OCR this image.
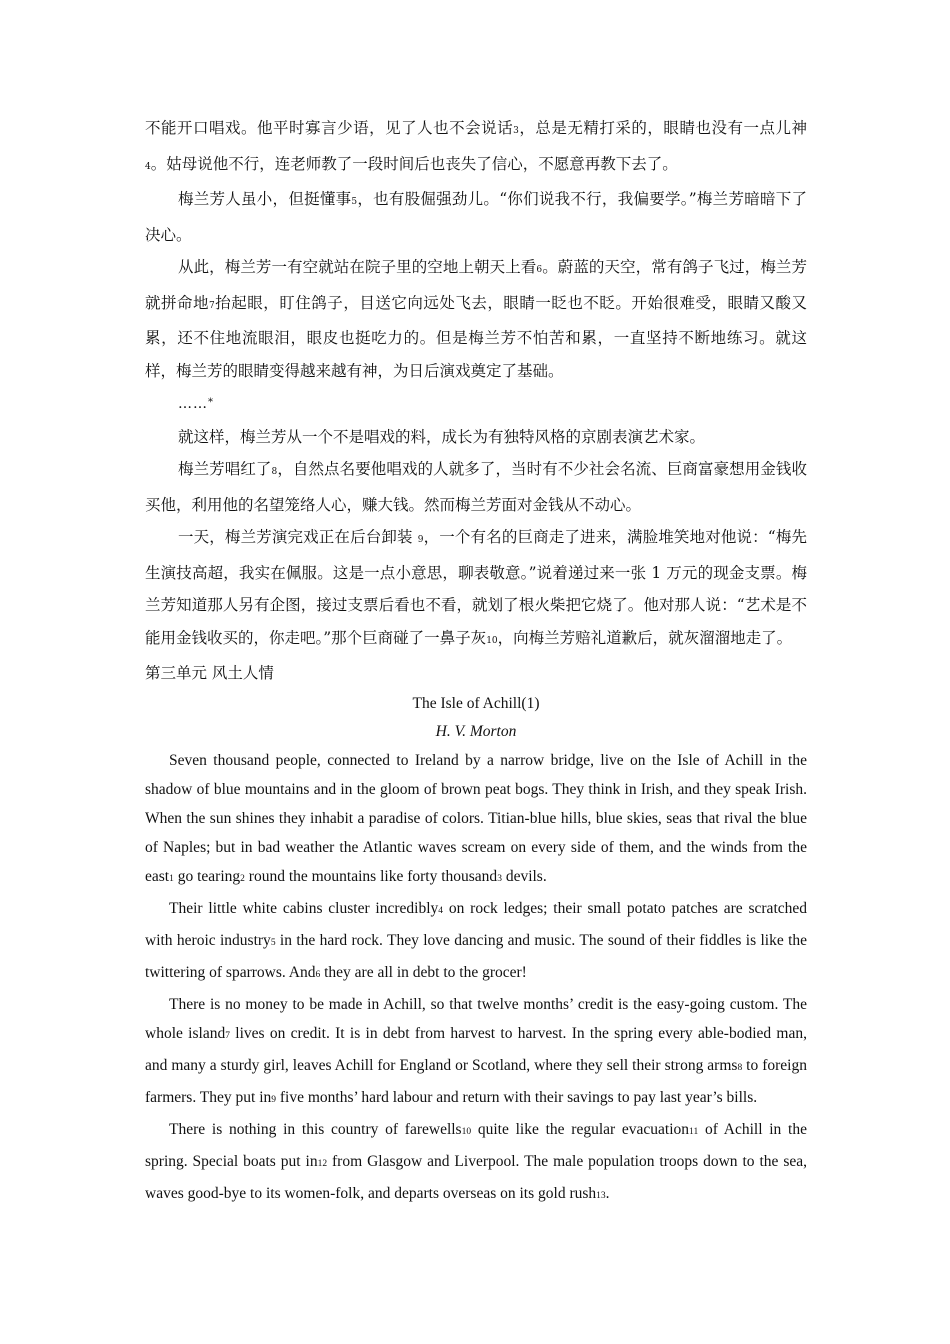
不能开口唱戏。他平时寡言少语，见了人也不会说话3，总是无精打采的，眼睛也没有一点儿神4。姑母说他不行，连老师教了一段时间后也丧失了信心，不愿意再教下去了。

梅兰芳人虽小，但挺懂事5，也有股倔强劲儿。“你们说我不行，我偏要学。”梅兰芳暗暗下了决心。

从此，梅兰芳一有空就站在院子里的空地上朝天上看6。蔚蓝的天空，常有鸽子飞过，梅兰芳就拼命地7抬起眼，盯住鸽子，目送它向远处飞去，眼睛一眨也不眨。开始很难受，眼睛又酸又累，还不住地流眼泪，眼皮也挺吃力的。但是梅兰芳不怕苦和累，一直坚持不断地练习。就这样，梅兰芳的眼睛变得越来越有神，为日后演戏奠定了基础。

……*

就这样，梅兰芳从一个不是唱戏的料，成长为有独特风格的京剧表演艺术家。

梅兰芳唱红了8，自然点名要他唱戏的人就多了，当时有不少社会名流、巨商富豪想用金钱收买他，利用他的名望笼络人心，赚大钱。然而梅兰芳面对金钱从不动心。

一天，梅兰芳演完戏正在后台卸装 9，一个有名的巨商走了进来，满脸堆笑地对他说：“梅先生演技高超，我实在佩服。这是一点小意思，聊表敬意。”说着递过来一张 1 万元的现金支票。梅兰芳知道那人另有企图，接过支票后看也不看，就划了根火柴把它烧了。他对那人说：“艺术是不能用金钱收买的，你走吧。”那个巨商碰了一鼻子灰10，向梅兰芳赔礼道歉后，就灰溜溜地走了。

第三单元 风土人情

The Isle of Achill(1)

H. V. Morton

Seven thousand people, connected to Ireland by a narrow bridge, live on the Isle of Achill in the shadow of blue mountains and in the gloom of brown peat bogs. They think in Irish, and they speak Irish. When the sun shines they inhabit a paradise of colors. Titian-blue hills, blue skies, seas that rival the blue of Naples; but in bad weather the Atlantic waves scream on every side of them, and the winds from the east1 go tearing2 round the mountains like forty thousand3 devils.

Their little white cabins cluster incredibly4 on rock ledges; their small potato patches are scratched with heroic industry5 in the hard rock. They love dancing and music. The sound of their fiddles is like the twittering of sparrows. And6 they are all in debt to the grocer!

There is no money to be made in Achill, so that twelve months’ credit is the easy-going custom. The whole island7 lives on credit. It is in debt from harvest to harvest. In the spring every able-bodied man, and many a sturdy girl, leaves Achill for England or Scotland, where they sell their strong arms8 to foreign farmers. They put in9 five months’ hard labour and return with their savings to pay last year’s bills.

There is nothing in this country of farewells10 quite like the regular evacuation11 of Achill in the spring. Special boats put in12 from Glasgow and Liverpool. The male population troops down to the sea, waves good-bye to its women-folk, and departs overseas on its gold rush13.
